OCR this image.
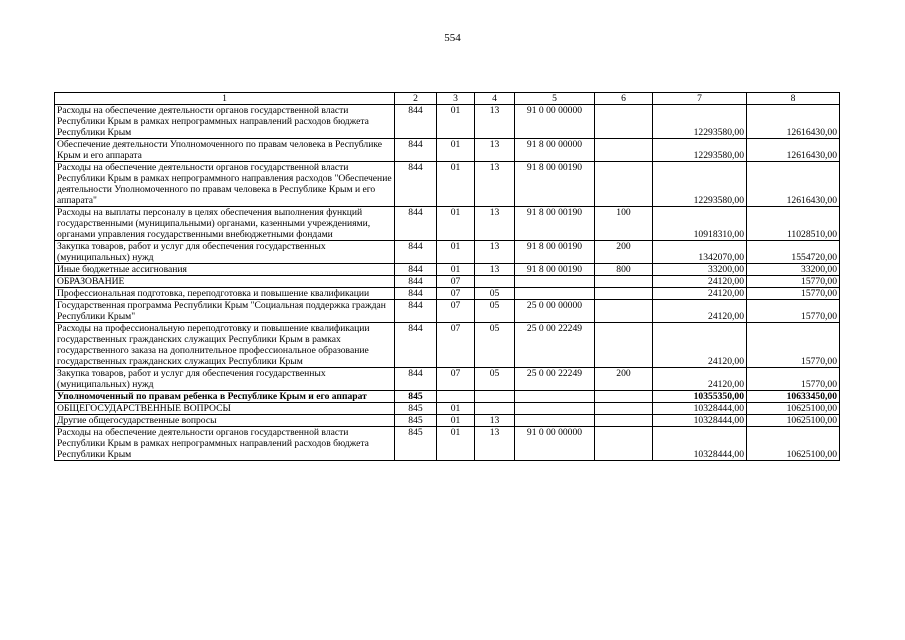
554
1	2	3	4	5	6	7	8
Расходы на обеспечение деятельности органов государственной власти Республики Крым в рамках непрограммных направлений расходов бюджета Республики Крым	844	01	13	91 0 00 00000		12293580,00	12616430,00
Обеспечение деятельности Уполномоченного по правам человека в Республике Крым и его аппарата	844	01	13	91 8 00 00000		12293580,00	12616430,00
Расходы на обеспечение деятельности органов государственной власти Республики Крым в рамках непрограммного направления расходов "Обеспечение деятельности Уполномоченного по правам человека в Республике Крым и его аппарата"	844	01	13	91 8 00 00190		12293580,00	12616430,00
Расходы на выплаты персоналу в целях обеспечения выполнения функций государственными (муниципальными) органами, казенными учреждениями, органами управления государственными внебюджетными фондами	844	01	13	91 8 00 00190	100	10918310,00	11028510,00
Закупка товаров, работ и услуг для обеспечения государственных (муниципальных) нужд	844	01	13	91 8 00 00190	200	1342070,00	1554720,00
Иные бюджетные ассигнования	844	01	13	91 8 00 00190	800	33200,00	33200,00
ОБРАЗОВАНИЕ	844	07				24120,00	15770,00
Профессиональная подготовка, переподготовка и повышение квалификации	844	07	05			24120,00	15770,00
Государственная программа Республики Крым "Социальная поддержка граждан Республики Крым"	844	07	05	25 0 00 00000		24120,00	15770,00
Расходы на профессиональную переподготовку и повышение квалификации государственных гражданских служащих Республики Крым в рамках государственного заказа на дополнительное профессиональное образование государственных гражданских служащих Республики Крым	844	07	05	25 0 00 22249		24120,00	15770,00
Закупка товаров, работ и услуг для обеспечения государственных (муниципальных) нужд	844	07	05	25 0 00 22249	200	24120,00	15770,00
Уполномоченный по правам ребенка в Республике Крым и его аппарат	845					10355350,00	10633450,00
ОБЩЕГОСУДАРСТВЕННЫЕ ВОПРОСЫ	845	01				10328444,00	10625100,00
Другие общегосударственные вопросы	845	01	13			10328444,00	10625100,00
Расходы на обеспечение деятельности органов государственной власти Республики Крым в рамках непрограммных направлений расходов бюджета Республики Крым	845	01	13	91 0 00 00000		10328444,00	10625100,00
